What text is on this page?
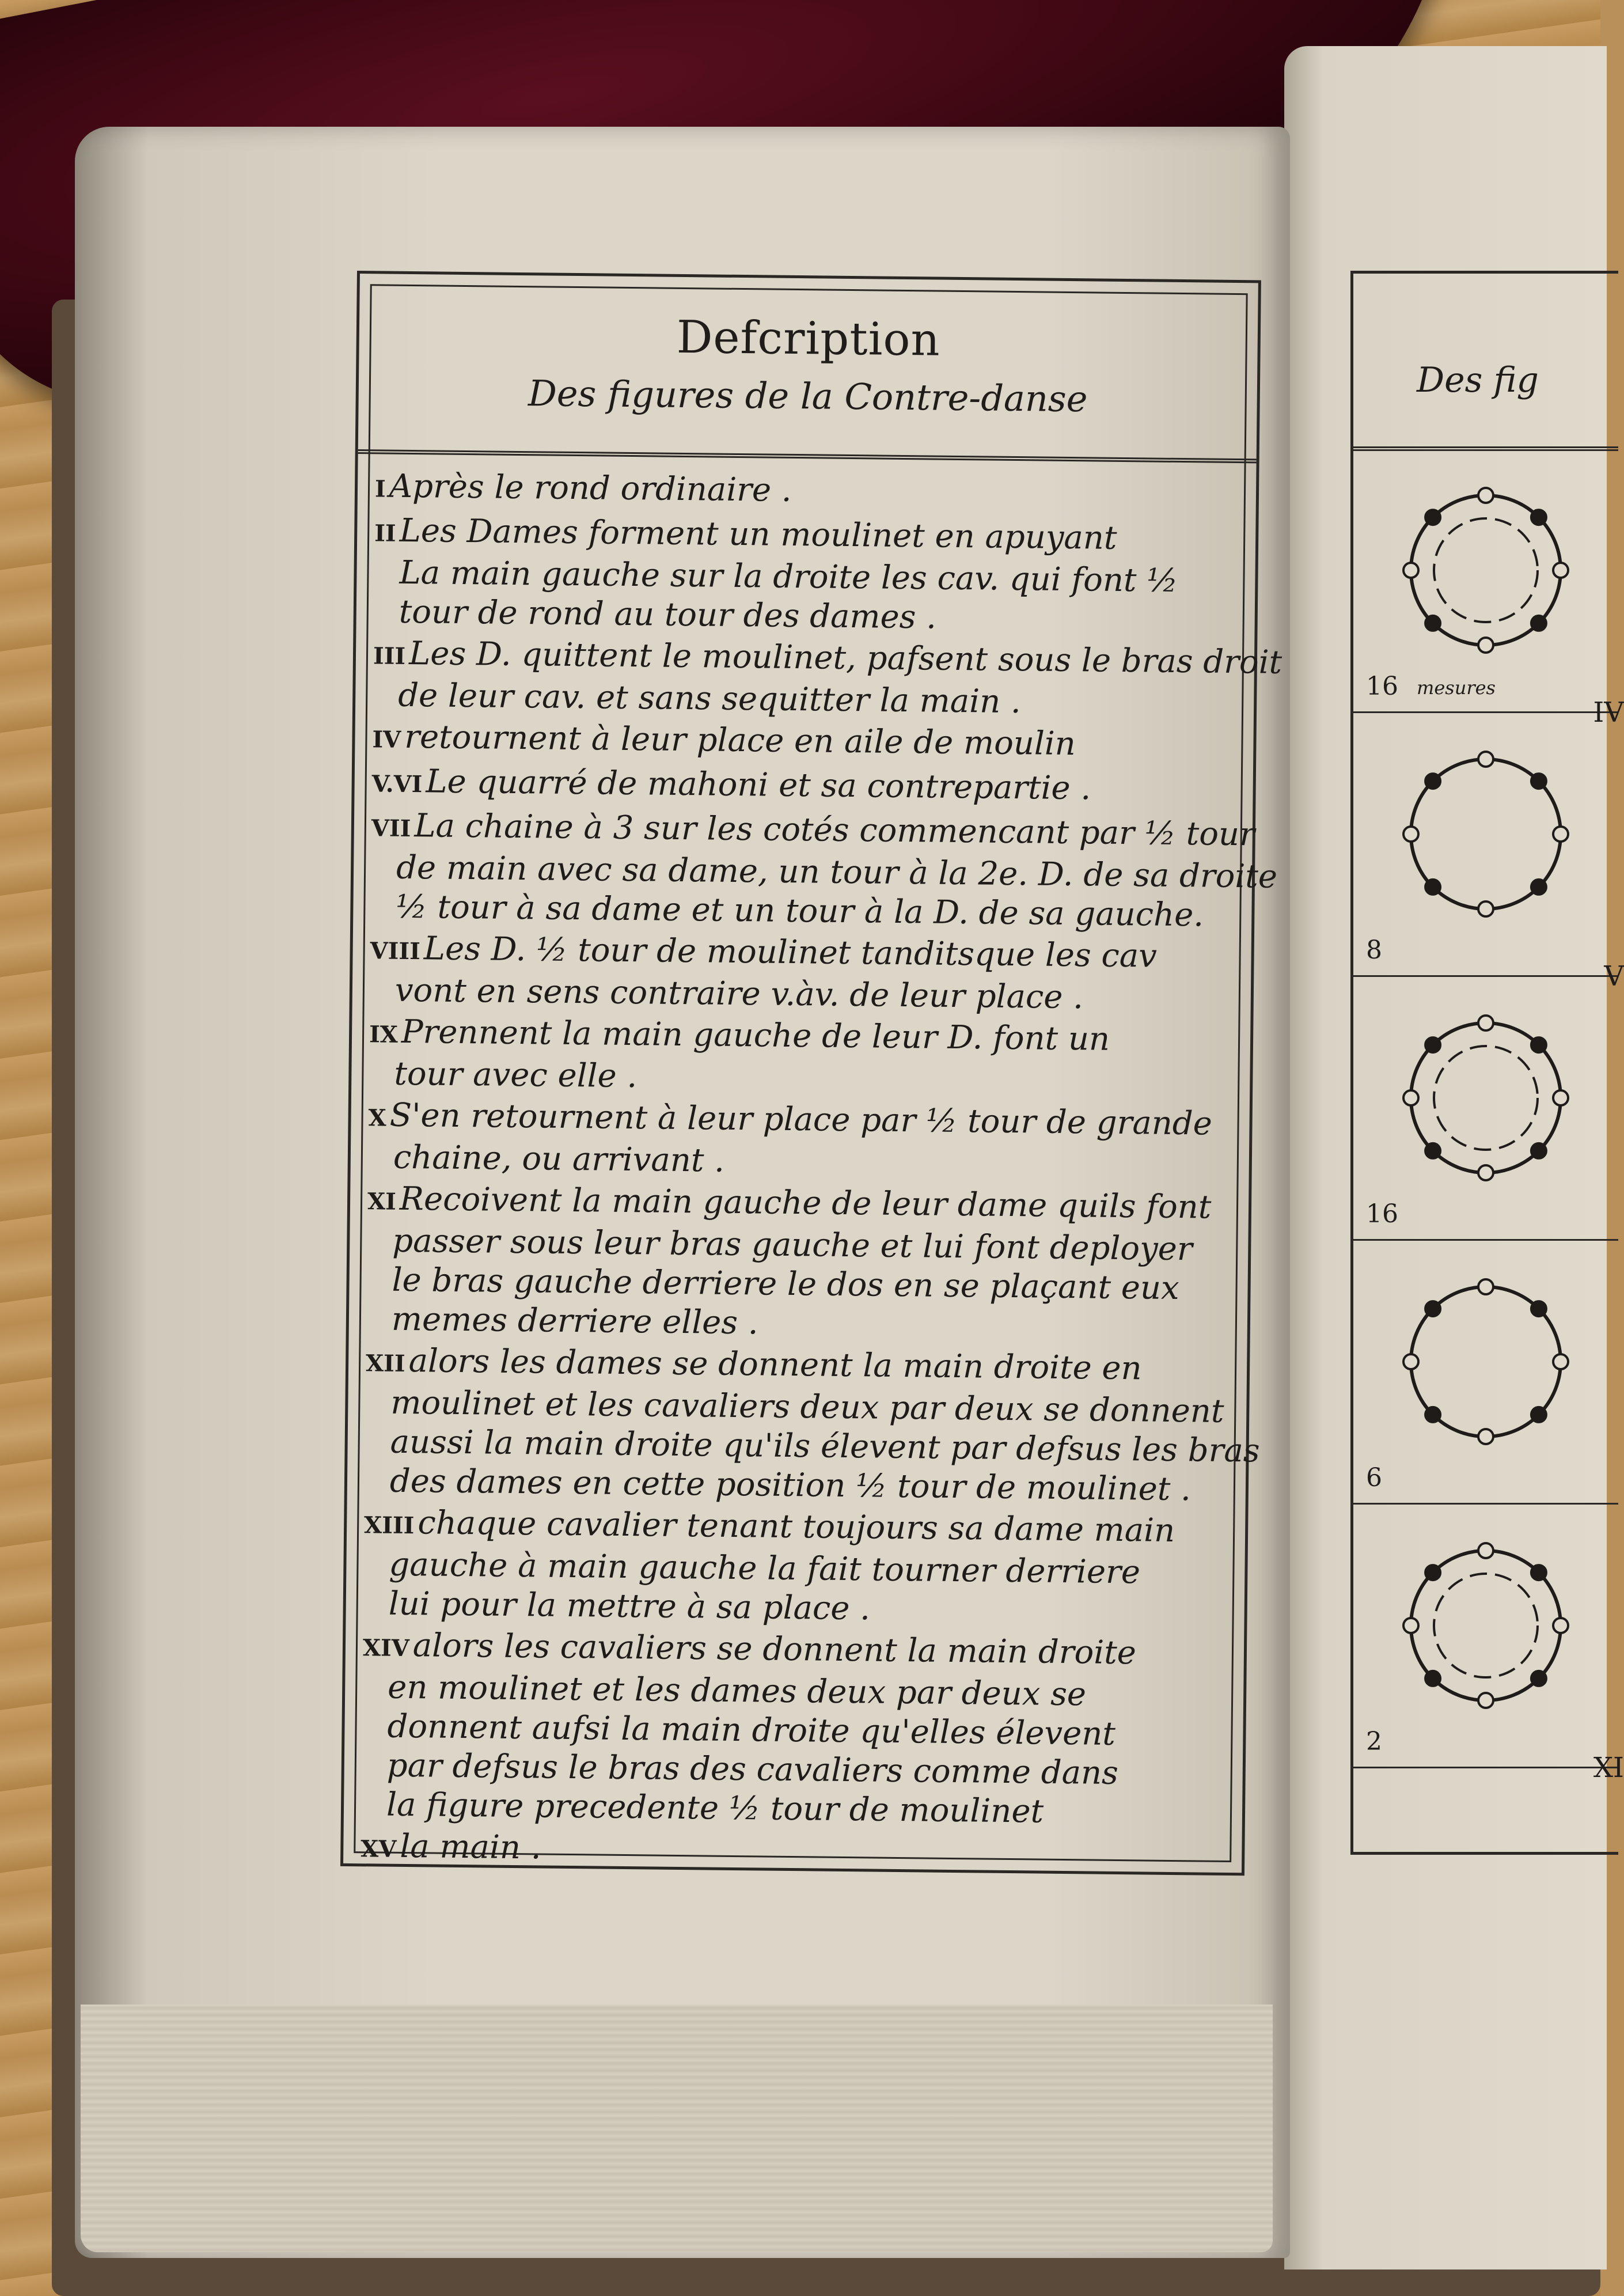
Defcription
Des figures de la Contre-danse
IAprès le rond ordinaire .
IILes Dames forment un moulinet en apuyant
La main gauche sur la droite les cav. qui font ½
tour de rond au tour des dames .
IIILes D. quittent le moulinet, pafsent sous le bras droit
de leur cav. et sans sequitter la main .
IVretournent à leur place en aile de moulin
V.VILe quarré de mahoni et sa contrepartie .
VIILa chaine à 3 sur les cotés commencant par ½ tour
de main avec sa dame, un tour à la 2e. D. de sa droite
½ tour à sa dame et un tour à la D. de sa gauche.
VIIILes D. ½ tour de moulinet tanditsque les cav
vont en sens contraire v.àv. de leur place .
IXPrennent la main gauche de leur D. font un
tour avec elle .
XS'en retournent à leur place par ½ tour de grande
chaine, ou arrivant .
XIRecoivent la main gauche de leur dame quils font
passer sous leur bras gauche et lui font deployer
le bras gauche derriere le dos en se plaçant eux
memes derriere elles .
XIIalors les dames se donnent la main droite en
moulinet et les cavaliers deux par deux se donnent
aussi la main droite qu'ils élevent par defsus les bras
des dames en cette position ½ tour de moulinet .
XIIIchaque cavalier tenant toujours sa dame main
gauche à main gauche la fait tourner derriere
lui pour la mettre à sa place .
XIValors les cavaliers se donnent la main droite
en moulinet et les dames deux par deux se
donnent aufsi la main droite qu'elles élevent
par defsus le bras des cavaliers comme dans
la figure precedente ½ tour de moulinet
XVla main .
Des fig
16 mesures
IV
8
V
16
6
2
XI
